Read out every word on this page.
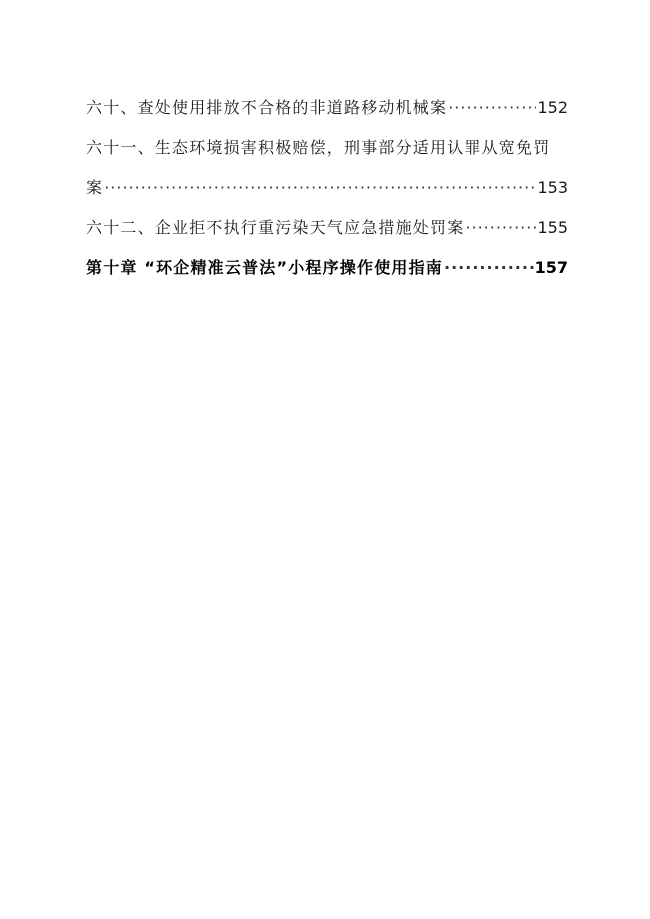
六十、查处使用排放不合格的非道路移动机械案 ·····	152
六十一、生态环境损害积极赔偿，刑事部分适用认罪从宽免罚
案 ·····	153
六十二、企业拒不执行重污染天气应急措施处罚案 ·····	155
第十章 “环企精准云普法”小程序操作使用指南 ·····	157
